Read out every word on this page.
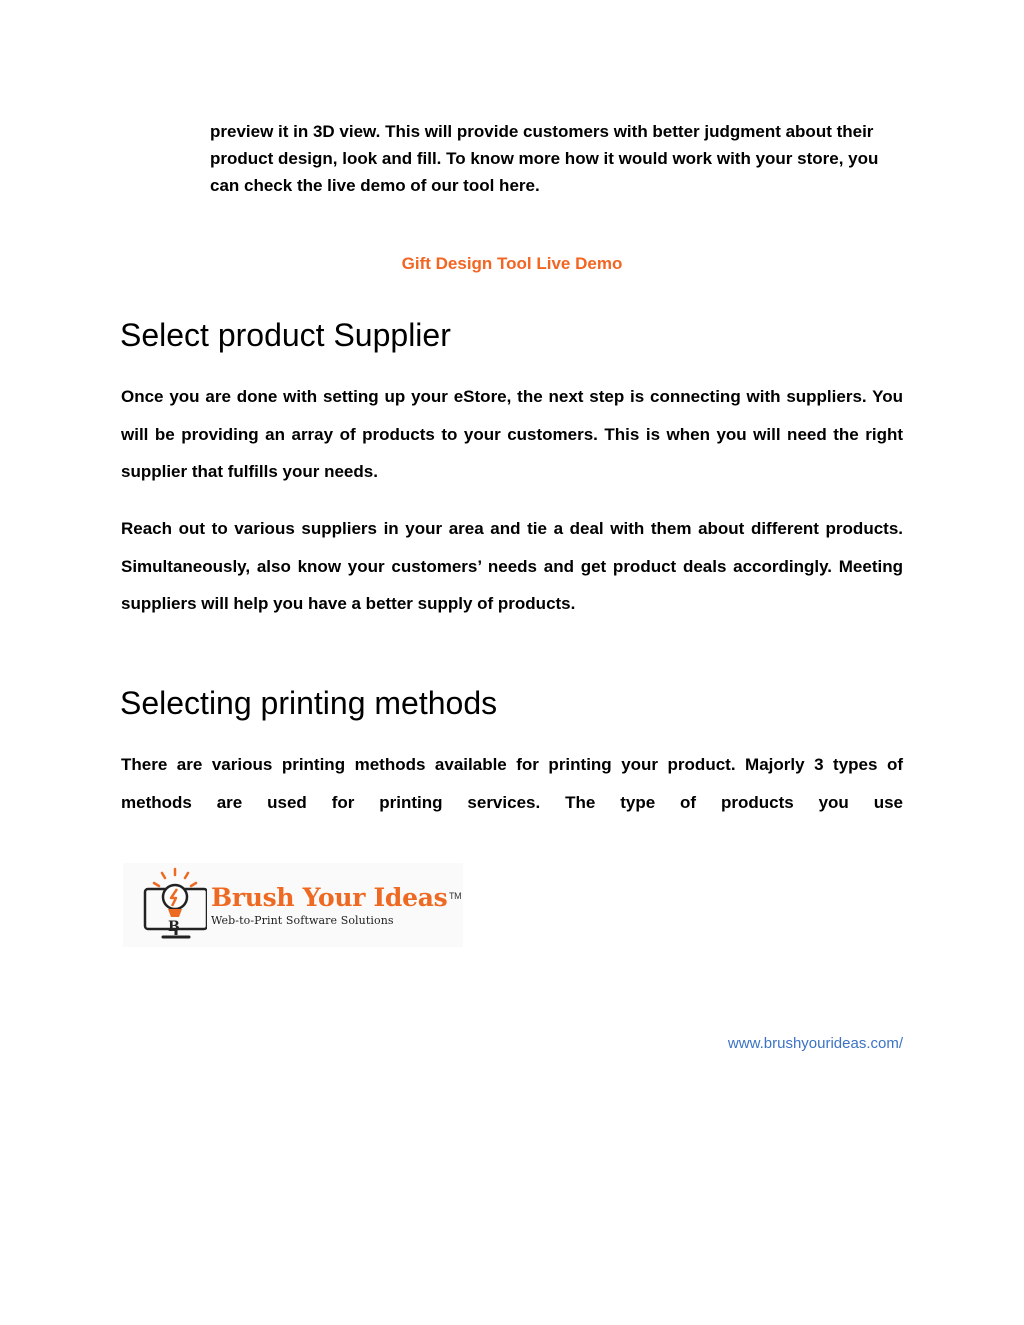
preview it in 3D view. This will provide customers with better judgment about their product design, look and fill. To know more how it would work with your store, you can check the live demo of our tool here.

Gift Design Tool Live Demo
Select product Supplier

Once you are done with setting up your eStore, the next step is connecting with suppliers. You will be providing an array of products to your customers. This is when you will need the right supplier that fulfills your needs.

Reach out to various suppliers in your area and tie a deal with them about different products. Simultaneously, also know your customers’ needs and get product deals accordingly. Meeting suppliers will help you have a better supply of products.

Selecting printing methods

There are various printing methods available for printing your product. Majorly 3 types of methods are used for printing services. The type of products you use

B
Brush Your Ideas TM
Web-to-Print Software Solutions
www.brushyourideas.com/
